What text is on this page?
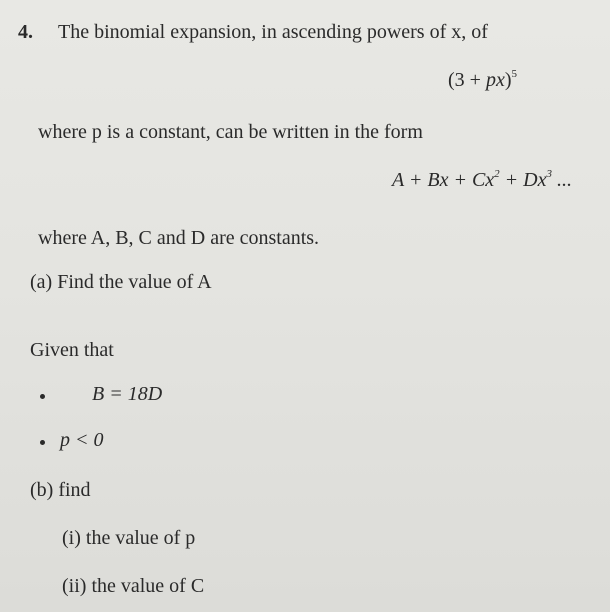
4. The binomial expansion, in ascending powers of x, of
(3 + px)$^5$
where p is a constant, can be written in the form
$A + Bx + Cx^2 + Dx^3$ ...
where A, B, C and D are constants.
(a) Find the value of A
Given that
B = 18D
p < 0
(b) find
(i) the value of p
(ii) the value of C
